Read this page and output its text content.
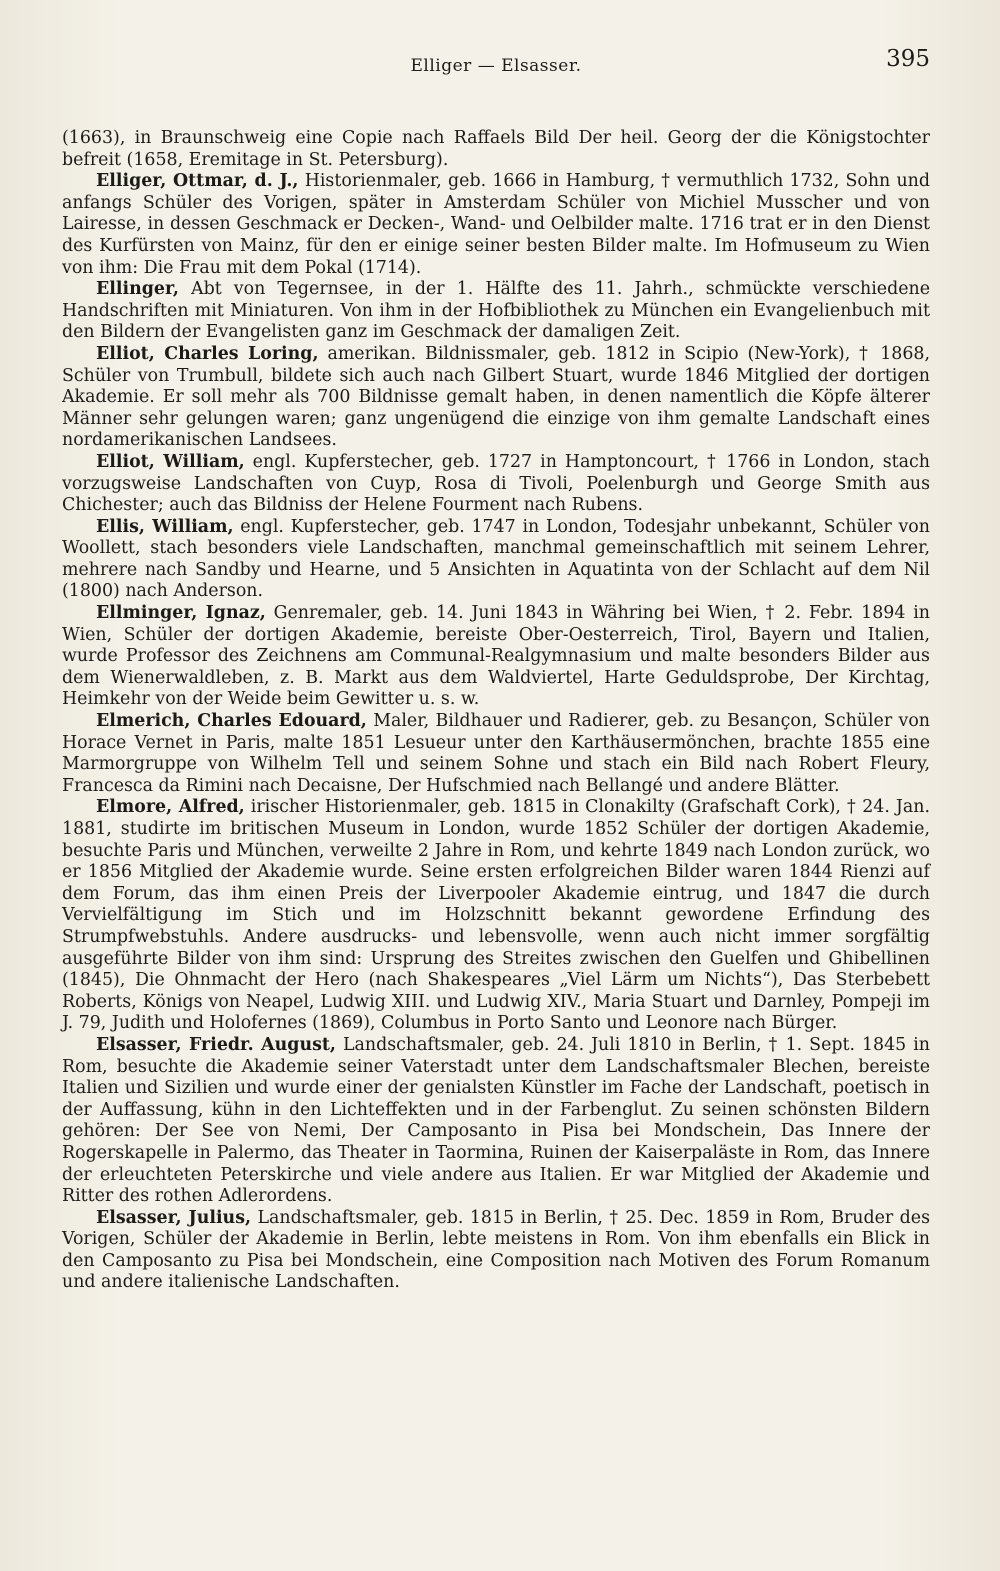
Elliger — Elsasser.	395

(1663), in Braunschweig eine Copie nach Raffaels Bild Der heil. Georg der die Königstochter befreit (1658, Eremitage in St. Petersburg).

Elliger, Ottmar, d. J., Historienmaler, geb. 1666 in Hamburg, † vermuthlich 1732, Sohn und anfangs Schüler des Vorigen, später in Amsterdam Schüler von Michiel Musscher und von Lairesse, in dessen Geschmack er Decken-, Wand- und Oelbilder malte. 1716 trat er in den Dienst des Kurfürsten von Mainz, für den er einige seiner besten Bilder malte. Im Hofmuseum zu Wien von ihm: Die Frau mit dem Pokal (1714).

Ellinger, Abt von Tegernsee, in der 1. Hälfte des 11. Jahrh., schmückte verschiedene Handschriften mit Miniaturen. Von ihm in der Hofbibliothek zu München ein Evangelienbuch mit den Bildern der Evangelisten ganz im Geschmack der damaligen Zeit.

Elliot, Charles Loring, amerikan. Bildnissmaler, geb. 1812 in Scipio (New-York), † 1868, Schüler von Trumbull, bildete sich auch nach Gilbert Stuart, wurde 1846 Mitglied der dortigen Akademie. Er soll mehr als 700 Bildnisse gemalt haben, in denen namentlich die Köpfe älterer Männer sehr gelungen waren; ganz ungenügend die einzige von ihm gemalte Landschaft eines nordamerikanischen Landsees.

Elliot, William, engl. Kupferstecher, geb. 1727 in Hamptoncourt, † 1766 in London, stach vorzugsweise Landschaften von Cuyp, Rosa di Tivoli, Poelenburgh und George Smith aus Chichester; auch das Bildniss der Helene Fourment nach Rubens.

Ellis, William, engl. Kupferstecher, geb. 1747 in London, Todesjahr unbekannt, Schüler von Woollett, stach besonders viele Landschaften, manchmal gemeinschaftlich mit seinem Lehrer, mehrere nach Sandby und Hearne, und 5 Ansichten in Aquatinta von der Schlacht auf dem Nil (1800) nach Anderson.

Ellminger, Ignaz, Genremaler, geb. 14. Juni 1843 in Währing bei Wien, † 2. Febr. 1894 in Wien, Schüler der dortigen Akademie, bereiste Ober-Oesterreich, Tirol, Bayern und Italien, wurde Professor des Zeichnens am Communal-Realgymnasium und malte besonders Bilder aus dem Wienerwaldleben, z. B. Markt aus dem Waldviertel, Harte Geduldsprobe, Der Kirchtag, Heimkehr von der Weide beim Gewitter u. s. w.

Elmerich, Charles Edouard, Maler, Bildhauer und Radierer, geb. zu Besançon, Schüler von Horace Vernet in Paris, malte 1851 Lesueur unter den Karthäusermönchen, brachte 1855 eine Marmorgruppe von Wilhelm Tell und seinem Sohne und stach ein Bild nach Robert Fleury, Francesca da Rimini nach Decaisne, Der Hufschmied nach Bellangé und andere Blätter.

Elmore, Alfred, irischer Historienmaler, geb. 1815 in Clonakilty (Grafschaft Cork), † 24. Jan. 1881, studirte im britischen Museum in London, wurde 1852 Schüler der dortigen Akademie, besuchte Paris und München, verweilte 2 Jahre in Rom, und kehrte 1849 nach London zurück, wo er 1856 Mitglied der Akademie wurde. Seine ersten erfolgreichen Bilder waren 1844 Rienzi auf dem Forum, das ihm einen Preis der Liverpooler Akademie eintrug, und 1847 die durch Vervielfältigung im Stich und im Holzschnitt bekannt gewordene Erfindung des Strumpfwebstuhls. Andere ausdrucks- und lebensvolle, wenn auch nicht immer sorgfältig ausgeführte Bilder von ihm sind: Ursprung des Streites zwischen den Guelfen und Ghibellinen (1845), Die Ohnmacht der Hero (nach Shakespeares „Viel Lärm um Nichts“), Das Sterbebett Roberts, Königs von Neapel, Ludwig XIII. und Ludwig XIV., Maria Stuart und Darnley, Pompeji im J. 79, Judith und Holofernes (1869), Columbus in Porto Santo und Leonore nach Bürger.

Elsasser, Friedr. August, Landschaftsmaler, geb. 24. Juli 1810 in Berlin, † 1. Sept. 1845 in Rom, besuchte die Akademie seiner Vaterstadt unter dem Landschaftsmaler Blechen, bereiste Italien und Sizilien und wurde einer der genialsten Künstler im Fache der Landschaft, poetisch in der Auffassung, kühn in den Lichteffekten und in der Farbenglut. Zu seinen schönsten Bildern gehören: Der See von Nemi, Der Camposanto in Pisa bei Mondschein, Das Innere der Rogerskapelle in Palermo, das Theater in Taormina, Ruinen der Kaiserpaläste in Rom, das Innere der erleuchteten Peterskirche und viele andere aus Italien. Er war Mitglied der Akademie und Ritter des rothen Adlerordens.

Elsasser, Julius, Landschaftsmaler, geb. 1815 in Berlin, † 25. Dec. 1859 in Rom, Bruder des Vorigen, Schüler der Akademie in Berlin, lebte meistens in Rom. Von ihm ebenfalls ein Blick in den Camposanto zu Pisa bei Mondschein, eine Composition nach Motiven des Forum Romanum und andere italienische Landschaften.
